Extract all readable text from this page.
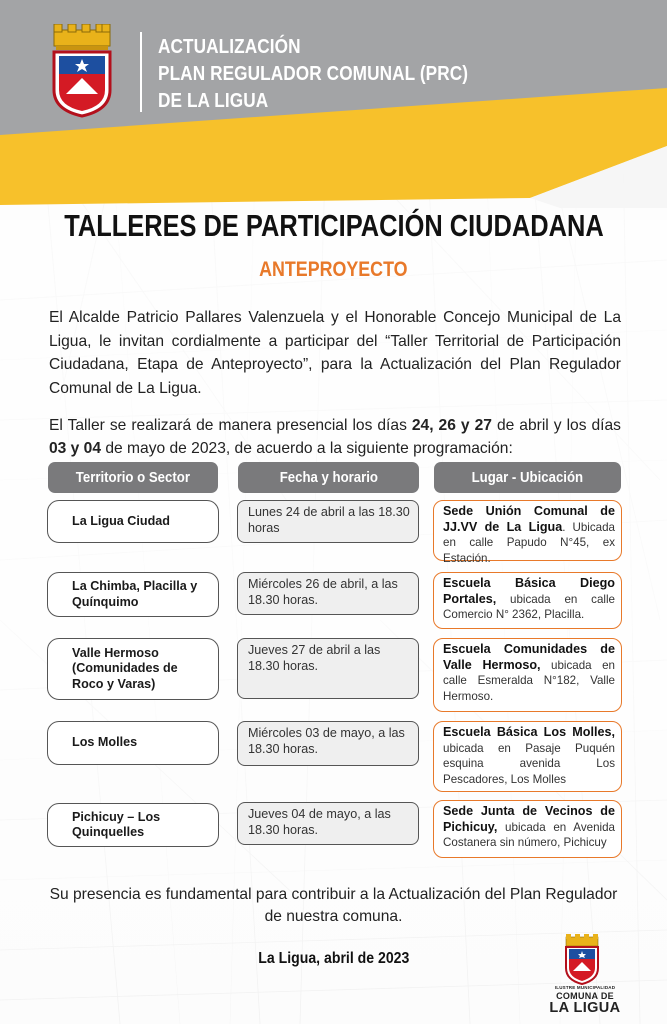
ACTUALIZACIÓN
PLAN REGULADOR COMUNAL (PRC)
DE LA LIGUA
TALLERES DE PARTICIPACIÓN CIUDADANA
ANTEPROYECTO

El Alcalde Patricio Pallares Valenzuela y el Honorable Concejo Municipal de La Ligua, le invitan cordialmente a participar del “Taller Territorial de Participación Ciudadana, Etapa de Anteproyecto”, para la Actualización del Plan Regulador Comunal de La Ligua.

El Taller se realizará de manera presencial los días 24, 26 y 27 de abril y los días 03 y 04 de mayo de 2023, de acuerdo a la siguiente programación:

Territorio o Sector	Fecha y horario	Lugar - Ubicación
La Ligua Ciudad
Lunes 24 de abril a las 18.30 horas
Sede Unión Comunal de JJ.VV de La Ligua. Ubicada en calle Papudo N°45, ex Estación.
La Chimba, Placilla y Quínquimo
Miércoles 26 de abril, a las 18.30 horas.
Escuela Básica Diego Portales, ubicada en calle Comercio N° 2362, Placilla.
Valle Hermoso (Comunidades de Roco y Varas)
Jueves 27 de abril a las 18.30 horas.
Escuela Comunidades de Valle Hermoso, ubicada en calle Esmeralda N°182, Valle Hermoso.
Los Molles
Miércoles 03 de mayo, a las 18.30 horas.
Escuela Básica Los Molles, ubicada en Pasaje Puquén esquina avenida Los Pescadores, Los Molles
Pichicuy – Los Quinquelles
Jueves 04 de mayo, a las 18.30 horas.
Sede Junta de Vecinos de Pichicuy, ubicada en Avenida Costanera sin número, Pichicuy

Su presencia es fundamental para contribuir a la Actualización del Plan Regulador de nuestra comuna.

La Ligua, abril de 2023
ILUSTRE MUNICIPALIDAD
COMUNA DE
LA LIGUA
